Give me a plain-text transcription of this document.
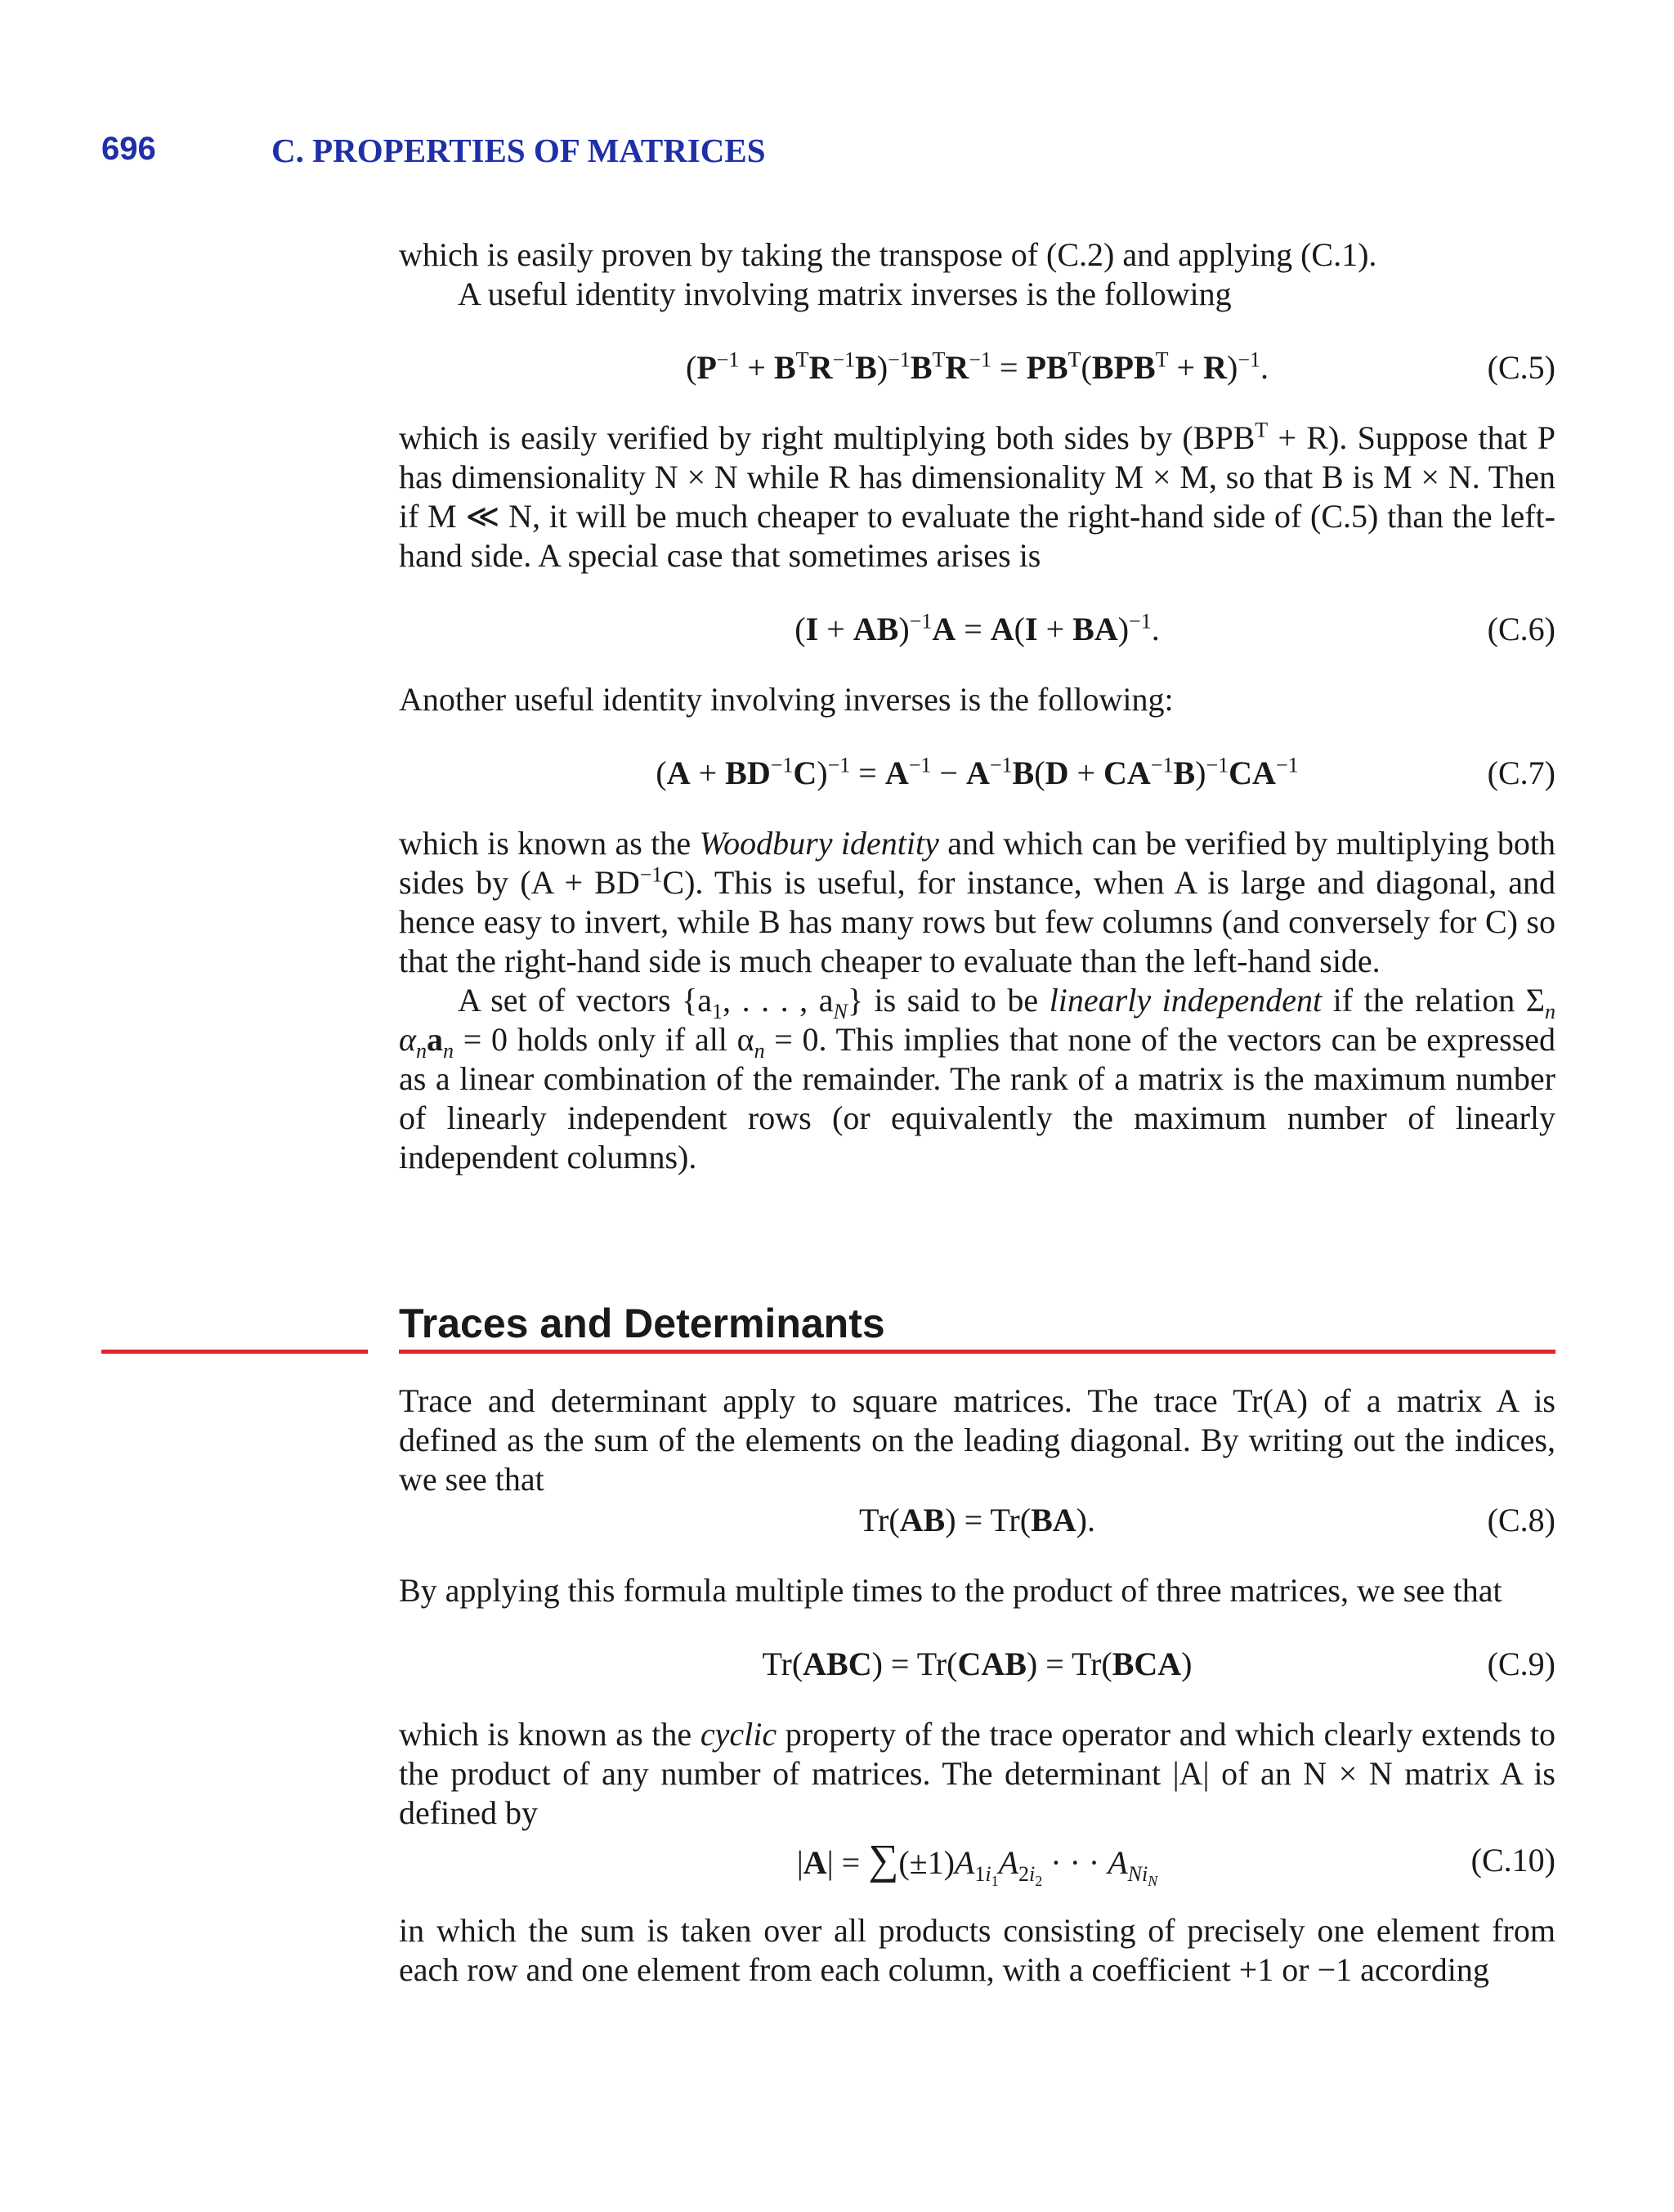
696	C. PROPERTIES OF MATRICES

which is easily proven by taking the transpose of (C.2) and applying (C.1).

A useful identity involving matrix inverses is the following

$(P^{-1} + B^TR^{-1}B)^{-1}B^TR^{-1} = PB^T(BPB^T + R)^{-1}$.	(C.5)

which is easily verified by right multiplying both sides by $(BPB^T + R)$. Suppose that P has dimensionality N × N while R has dimensionality M × M, so that B is M × N. Then if M ≪ N, it will be much cheaper to evaluate the right-hand side of (C.5) than the left-hand side. A special case that sometimes arises is

(I + AB)$^{-1}$A = A(I + BA)$^{-1}$.	(C.6)

Another useful identity involving inverses is the following:

$(A + BD^{-1}C)^{-1} = A^{-1} - A^{-1}B(D + CA^{-1}B)^{-1}CA^{-1}$	(C.7)

which is known as the Woodbury identity and which can be verified by multiplying both sides by $(A + BD^{-1}C)$. This is useful, for instance, when A is large and diagonal, and hence easy to invert, while B has many rows but few columns (and conversely for C) so that the right-hand side is much cheaper to evaluate than the left-hand side.

A set of vectors {$a_1$, . . . , $a_N$} is said to be linearly independent if the relation $\Sigma_n$ $\alpha_na_n = 0$ holds only if all $\alpha_n = 0$. This implies that none of the vectors can be expressed as a linear combination of the remainder. The rank of a matrix is the maximum number of linearly independent rows (or equivalently the maximum number of linearly independent columns).

Traces and Determinants

Trace and determinant apply to square matrices. The trace Tr(A) of a matrix A is defined as the sum of the elements on the leading diagonal. By writing out the indices, we see that

Tr(AB) = Tr(BA).	(C.8)

By applying this formula multiple times to the product of three matrices, we see that

Tr(ABC) = Tr(CAB) = Tr(BCA)	(C.9)

which is known as the cyclic property of the trace operator and which clearly extends to the product of any number of matrices. The determinant |A| of an N × N matrix A is defined by

$|A| = \sum(\pm 1)A_{1i_1}A_{2i_2}$ · · · $A_{Ni_N}$
(C.10)

in which the sum is taken over all products consisting of precisely one element from each row and one element from each column, with a coefficient +1 or −1 according
